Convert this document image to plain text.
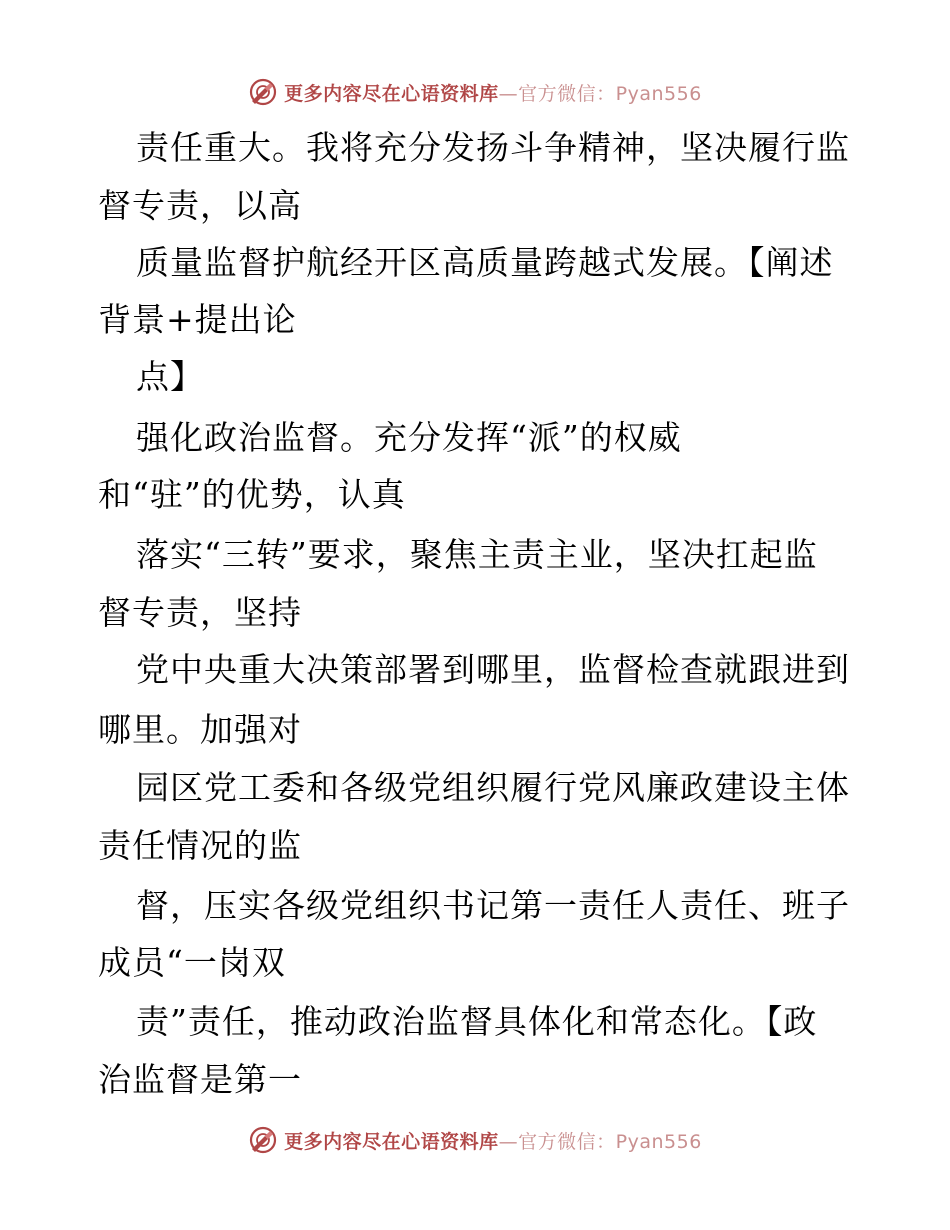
更多内容尽在心语资料库—官方微信：Pyan556
责任重大。我将充分发扬斗争精神，坚决履行监
督专责，以高
质量监督护航经开区高质量跨越式发展。【阐述
背景+提出论
点】
强化政治监督。充分发挥“派”的权威
和“驻”的优势，认真
落实“三转”要求，聚焦主责主业，坚决扛起监
督专责，坚持
党中央重大决策部署到哪里，监督检查就跟进到
哪里。加强对
园区党工委和各级党组织履行党风廉政建设主体
责任情况的监
督，压实各级党组织书记第一责任人责任、班子
成员“一岗双
责”责任，推动政治监督具体化和常态化。【政
治监督是第一
更多内容尽在心语资料库—官方微信：Pyan556
